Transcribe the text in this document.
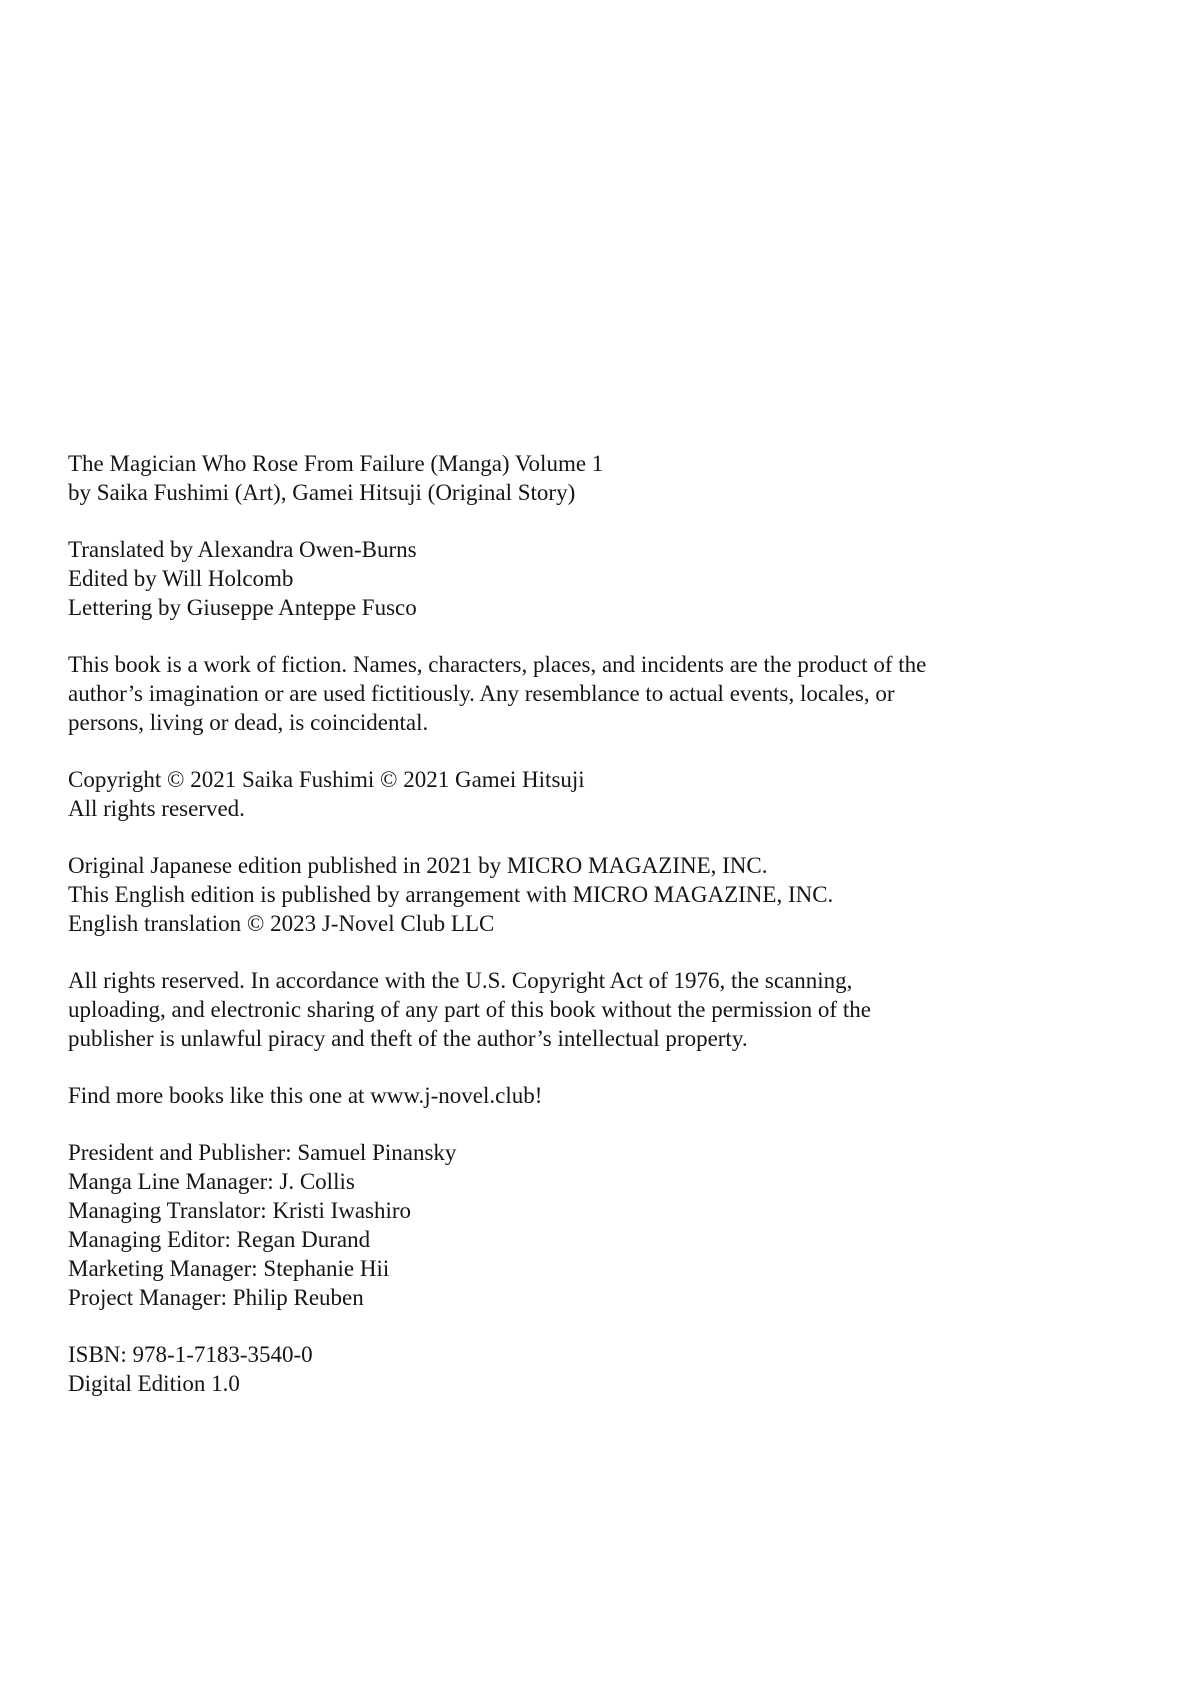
The Magician Who Rose From Failure (Manga) Volume 1
by Saika Fushimi (Art), Gamei Hitsuji (Original Story)
Translated by Alexandra Owen-Burns
Edited by Will Holcomb
Lettering by Giuseppe Anteppe Fusco

This book is a work of fiction. Names, characters, places, and incidents are the product of the author’s imagination or are used fictitiously. Any resemblance to actual events, locales, or persons, living or dead, is coincidental.

Copyright © 2021 Saika Fushimi © 2021 Gamei Hitsuji
All rights reserved.
Original Japanese edition published in 2021 by MICRO MAGAZINE, INC.
This English edition is published by arrangement with MICRO MAGAZINE, INC.
English translation © 2023 J-Novel Club LLC

All rights reserved. In accordance with the U.S. Copyright Act of 1976, the scanning, uploading, and electronic sharing of any part of this book without the permission of the publisher is unlawful piracy and theft of the author’s intellectual property.

Find more books like this one at www.j-novel.club!

President and Publisher: Samuel Pinansky
Manga Line Manager: J. Collis
Managing Translator: Kristi Iwashiro
Managing Editor: Regan Durand
Marketing Manager: Stephanie Hii
Project Manager: Philip Reuben
ISBN: 978-1-7183-3540-0
Digital Edition 1.0
